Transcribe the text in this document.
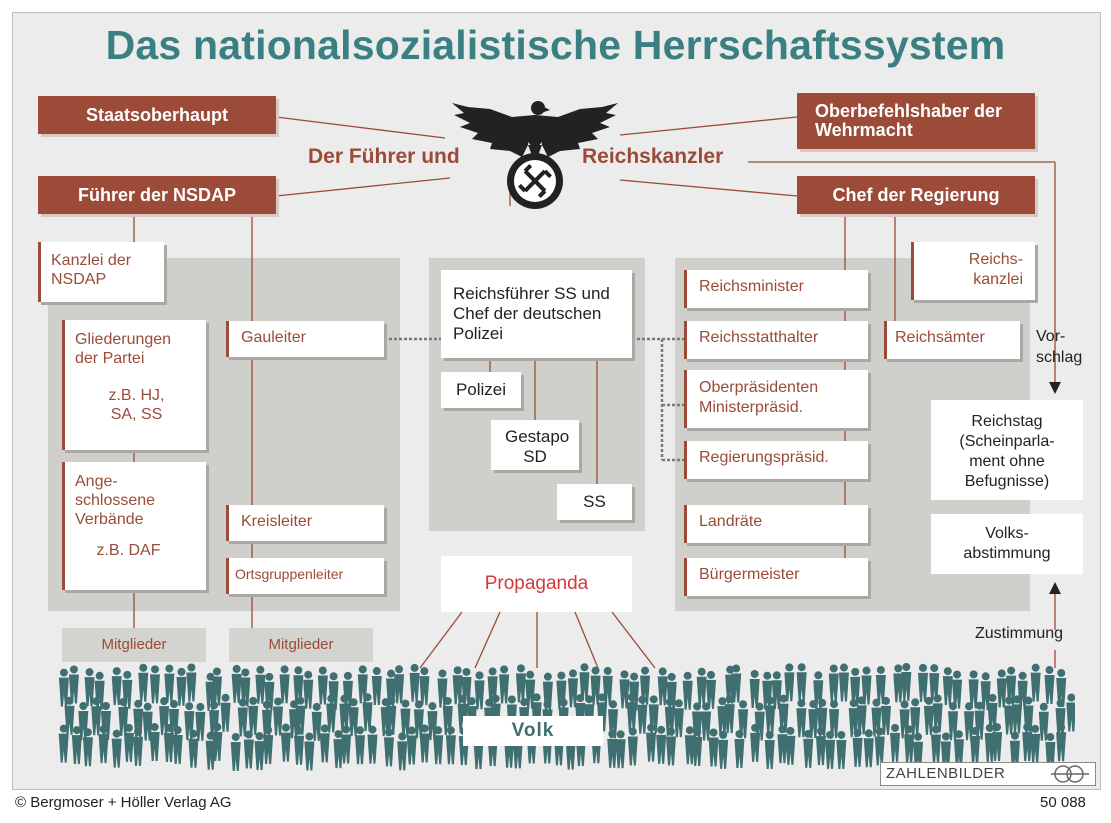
Das nationalsozialistische Herrschaftssystem
Staatsoberhaupt
Führer der NSDAP
Oberbefehlshaber der Wehrmacht
Chef der Regierung
Der Führer und	Reichskanzler
Kanzlei der NSDAP
Gliederungen der Partei
z.B. HJ, SA, SS
Ange- schlossene Verbände
z.B. DAF
Gauleiter
Kreisleiter
Ortsgruppenleiter
Mitglieder	Mitglieder
Reichsführer SS und Chef der deutschen Polizei
Polizei
Gestapo SD
SS
Propaganda
Reichsminister
Reichsstatthalter
Oberpräsidenten Ministerpräsid.
Regierungspräsid.
Landräte
Bürgermeister
Reichs- kanzlei
Reichsämter
Reichstag (Scheinparla- ment ohne Befugnisse)
Volks- abstimmung
Vor- schlag
Zustimmung
Volk
ZAHLENBILDER
© Bergmoser + Höller Verlag AG	50 088
